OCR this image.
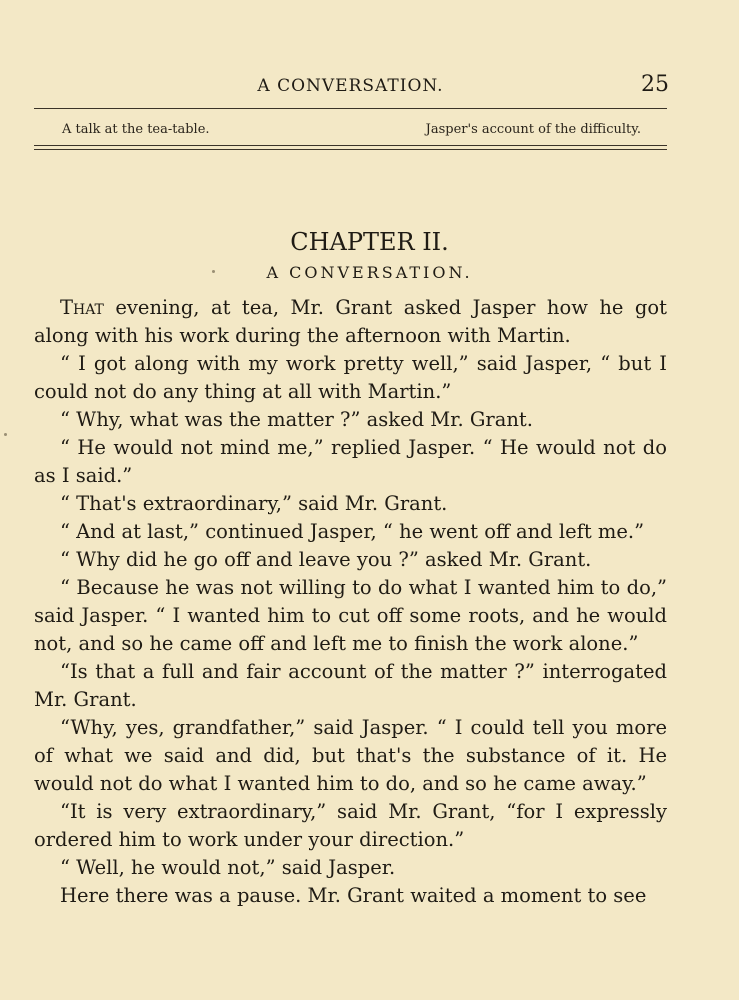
A CONVERSATION.	25
A talk at the tea-table.	Jasper's account of the difficulty.
CHAPTER II.
A CONVERSATION.

That evening, at tea, Mr. Grant asked Jasper how he got along with his work during the afternoon with Martin.

“ I got along with my work pretty well,” said Jasper, “ but I could not do any thing at all with Martin.”

“ Why, what was the matter ?” asked Mr. Grant.

“ He would not mind me,” replied Jasper. “ He would not do as I said.”

“ That's extraordinary,” said Mr. Grant.

“ And at last,” continued Jasper, “ he went off and left me.”

“ Why did he go off and leave you ?” asked Mr. Grant.

“ Because he was not willing to do what I wanted him to do,” said Jasper. “ I wanted him to cut off some roots, and he would not, and so he came off and left me to finish the work alone.”

“Is that a full and fair account of the matter ?” interrogated Mr. Grant.

“Why, yes, grandfather,” said Jasper. “ I could tell you more of what we said and did, but that's the substance of it. He would not do what I wanted him to do, and so he came away.”

“It is very extraordinary,” said Mr. Grant, “for I expressly ordered him to work under your direction.”

“ Well, he would not,” said Jasper.

Here there was a pause. Mr. Grant waited a moment to see
